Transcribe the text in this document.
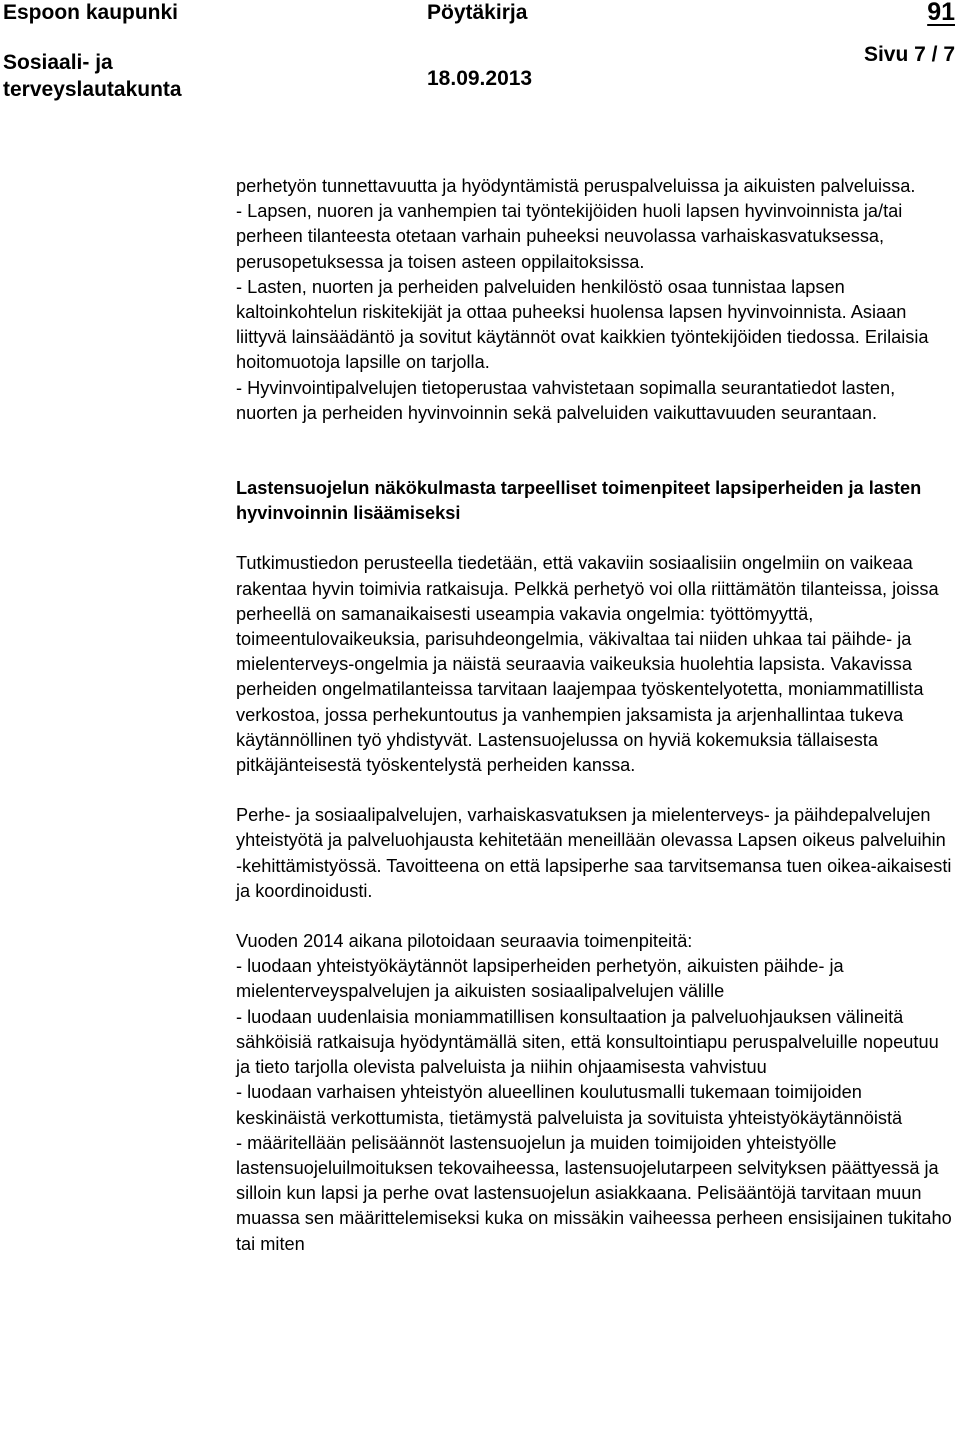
Espoon kaupunki
Sosiaali- ja terveyslautakunta
Pöytäkirja
18.09.2013
91
Sivu 7 / 7

perhetyön tunnettavuutta ja hyödyntämistä peruspalveluissa ja aikuisten palveluissa.

- Lapsen, nuoren ja vanhempien tai työntekijöiden huoli lapsen hyvinvoinnista ja/tai perheen tilanteesta otetaan varhain puheeksi neuvolassa varhaiskasvatuksessa, perusopetuksessa ja toisen asteen oppilaitoksissa.

- Lasten, nuorten ja perheiden palveluiden henkilöstö osaa tunnistaa lapsen kaltoinkohtelun riskitekijät ja ottaa puheeksi huolensa lapsen hyvinvoinnista. Asiaan liittyvä lainsäädäntö ja sovitut käytännöt ovat kaikkien työntekijöiden tiedossa. Erilaisia hoitomuotoja lapsille on tarjolla.

- Hyvinvointipalvelujen tietoperustaa vahvistetaan sopimalla seurantatiedot lasten, nuorten ja perheiden hyvinvoinnin sekä palveluiden vaikuttavuuden seurantaan.

Lastensuojelun näkökulmasta tarpeelliset toimenpiteet lapsiperheiden ja lasten hyvinvoinnin lisäämiseksi

Tutkimustiedon perusteella tiedetään, että vakaviin sosiaalisiin ongelmiin on vaikeaa rakentaa hyvin toimivia ratkaisuja. Pelkkä perhetyö voi olla riittämätön tilanteissa, joissa perheellä on samanaikaisesti useampia vakavia ongelmia: työttömyyttä, toimeentulovaikeuksia, parisuhdeongelmia, väkivaltaa tai niiden uhkaa tai päihde- ja mielenterveys-ongelmia ja näistä seuraavia vaikeuksia huolehtia lapsista. Vakavissa perheiden ongelmatilanteissa tarvitaan laajempaa työskentelyotetta, moniammatillista verkostoa, jossa perhekuntoutus ja vanhempien jaksamista ja arjenhallintaa tukeva käytännöllinen työ yhdistyvät. Lastensuojelussa on hyviä kokemuksia tällaisesta pitkäjänteisestä työskentelystä perheiden kanssa.

Perhe- ja sosiaalipalvelujen, varhaiskasvatuksen ja mielenterveys- ja päihdepalvelujen yhteistyötä ja palveluohjausta kehitetään meneillään olevassa Lapsen oikeus palveluihin -kehittämistyössä. Tavoitteena on että lapsiperhe saa tarvitsemansa tuen oikea-aikaisesti ja koordinoidusti.

Vuoden 2014 aikana pilotoidaan seuraavia toimenpiteitä:

- luodaan yhteistyökäytännöt lapsiperheiden perhetyön, aikuisten päihde- ja mielenterveyspalvelujen ja aikuisten sosiaalipalvelujen välille

- luodaan uudenlaisia moniammatillisen konsultaation ja palveluohjauksen välineitä sähköisiä ratkaisuja hyödyntämällä siten, että konsultointiapu peruspalveluille nopeutuu ja tieto tarjolla olevista palveluista ja niihin ohjaamisesta vahvistuu

- luodaan varhaisen yhteistyön alueellinen koulutusmalli tukemaan toimijoiden keskinäistä verkottumista, tietämystä palveluista ja sovituista yhteistyökäytännöistä

- määritellään pelisäännöt lastensuojelun ja muiden toimijoiden yhteistyölle lastensuojeluilmoituksen tekovaiheessa, lastensuojelutarpeen selvityksen päättyessä ja silloin kun lapsi ja perhe ovat lastensuojelun asiakkaana. Pelisääntöjä tarvitaan muun muassa sen määrittelemiseksi kuka on missäkin vaiheessa perheen ensisijainen tukitaho tai miten
